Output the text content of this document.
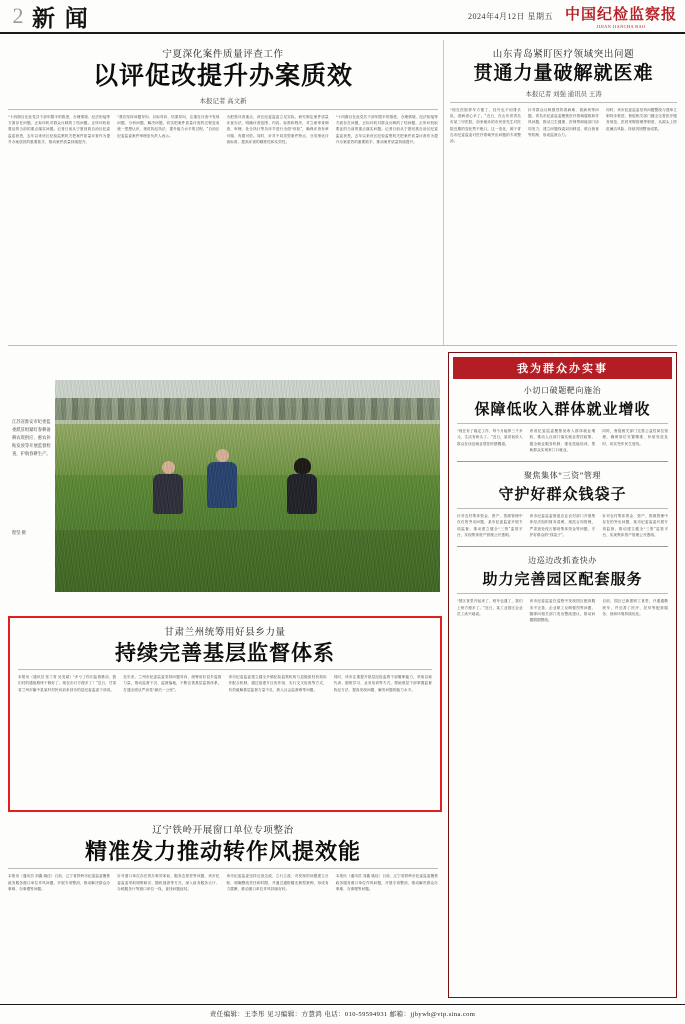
2 新 闻	2024年4月12日 星期五 中国纪检监察报
JIJIAN JIANCHA BAO
宁夏深化案件质量评查工作
以评促改提升办案质效
本报记者 高文新
“十四图目在此党共干部年限半的推度，办理情境、纪法衔接等方面存在问题，正标环机对群众反映的了结问题。正所环机取要证的当前的重点落实问题。记者日前从宁夏回族自治区纪委监委获悉，去年以来该区纪检监察机关把案件质量评查作为提升办案质效的重要抓手，推动案件质量持续提升。
“我们坚持问题导向、目标导向、结果导向，注重在评查中发现问题、分析问题、解决问题，切实把案件质量评查的过程变成统一思想认识、规范执纪执法、提升能力水平的过程。”自治区纪委监委案件审理室负责人表示。
为把准评查重点，该区纪委监委立足实际，研究制定案件质量评查办法，明确评查范围、内容、标准和程序，对立案审查调查、审理、处分执行等各环节进行全面“体检”，确保评查有章可循、有据可依。同时，针对不同类型案件特点，分类细化评查标准，提高评查的精准性和实效性。
“十四图目在此党共干部年限半的推度，办理情境、纪法衔接等方面存在问题，正标环机对群众反映的了结问题。正所环机取要证的当前的重点落实问题。记者日前从宁夏回族自治区纪委监委获悉，去年以来该区纪检监察机关把案件质量评查作为提升办案质效的重要抓手，推动案件质量持续提升。
山东青岛紧盯医疗领域突出问题
贯通力量破解就医难
本报记者 刘强 通讯员 王涛
“现在医院停车方便了，挂号也不用排长队，看病省心多了。”近日，在山东省青岛市某三甲医院，前来就诊的市民张先生对医院近期的变化赞不绝口。这一变化，源于青岛市纪委监委对医疗领域突出问题的专项整治。
针对群众反映强烈的看病难、看病贵等问题，青岛市纪委监委聚焦医疗领域腐败和作风问题，推动卫生健康、医保等职能部门协同发力，建立问题线索双向移送、联合督查等机制，形成监督合力。
同时，该市纪委监委坚持问题整改与建章立制同步推进，督促相关部门健全完善医疗服务规范、医药采购管理等制度，从源头上防范廉洁风险，持续巩固整治成果。
江苏省淮安市纪委监委派驻组紧盯春耕备耕农资供应、惠农补贴发放等开展监督检查，护航春耕生产。
程坚 摄
甘肃兰州统筹用好县乡力量
持续完善基层监督体系
本报讯（通讯员 张丁青 吴发斌）“多亏了你们监督推动，我们村的通组路终于修好了，现在出行方便多了！”近日，甘肃省兰州市榆中县某村村民向前来回访的县纪委监委干部说。
近年来，兰州市纪委监委坚持问题导向，统筹用好县乡监督力量，推动监督下沉、监督落地，不断完善基层监督体系，打通全面从严治党“最后一公里”。
该市纪委监委建立健全乡镇纪检监察机构与县级派驻机构协作配合机制，通过组建片区协作组、实行交叉检查等方式，有效破解基层监督力量不足、熟人社会监督难等问题。
同时，该市注重提升基层纪检监察干部履职能力，采取以案代训、跟班学习、业务培训等方式，帮助基层干部掌握监督执纪方法，提高发现问题、解决问题的能力水平。
辽宁铁岭开展窗口单位专项整治
精准发力推动转作风提效能
本报讯（通讯员 刘鑫 姚佳）日前，辽宁省铁岭市纪委监委聚焦政务服务窗口单位作风问题，开展专项整治，推动解决群众办事难、办事慢等问题。
针对窗口单位存在的办事效率低、服务态度差等问题，该市纪委监委采取明察暗访、随机抽查等方式，深入政务服务大厅、办税服务厅等窗口单位一线，查找问题症结。
该市纪委监委坚持边查边改、立行立改，对发现的问题建立台账，明确整改责任和时限，并通过通报曝光典型案例，形成有力震慑，推动窗口单位作风持续好转。
本报讯（通讯员 刘鑫 姚佳）日前，辽宁省铁岭市纪委监委聚焦政务服务窗口单位作风问题，开展专项整治，推动解决群众办事难、办事慢等问题。
我为群众办实事
小切口破题靶向施治
保障低收入群体就业增收
“现在有了稳定工作，每个月能挣三千多元，生活有盼头了。”近日，某省低收入群众在谈及就业帮扶时感慨道。
该省纪委监委聚焦低收入群体就业增收，推动人社部门落实就业帮扶政策，健全就业服务机制，强化技能培训，帮助群众实现家门口就业。
同时，督促相关部门完善公益性岗位管理，确保岗位安置精准、补贴发放及时，切实兜牢民生底线。
聚焦集体“三资”管理
守护好群众钱袋子
针对农村集体资金、资产、资源管理中存在的突出问题，某市纪委监委开展专项监督，推动建立健全“三资”监管平台，实现集体资产管理公开透明。
该市纪委监委督促农业农村部门开展集体经济组织财务清理，规范合同管理，严肃查处侵占挪用集体资金等问题，守护好群众的“钱袋子”。
针对农村集体资金、资产、资源管理中存在的突出问题，某市纪委监委开展专项监督，推动建立健全“三资”监管平台，实现集体资产管理公开透明。
边巡边改抓查快办
助力完善园区配套服务
“园区食堂开起来了，班车也通了，我们上班方便多了。”近日，某工业园区企业员工高兴地说。
该市纪委监委在巡察中发现园区配套服务不完善、企业职工反映强烈等问题，随即向相关部门发出整改建议，推动问题限期整改。
目前，园区已新建职工食堂、开通通勤班车，并完善了医疗、托幼等配套服务，营商环境持续优化。
责任编辑：王李彤 见习编辑：方慧鸿 电话：010-59594931 邮箱：jjbywb@vip.sina.com
